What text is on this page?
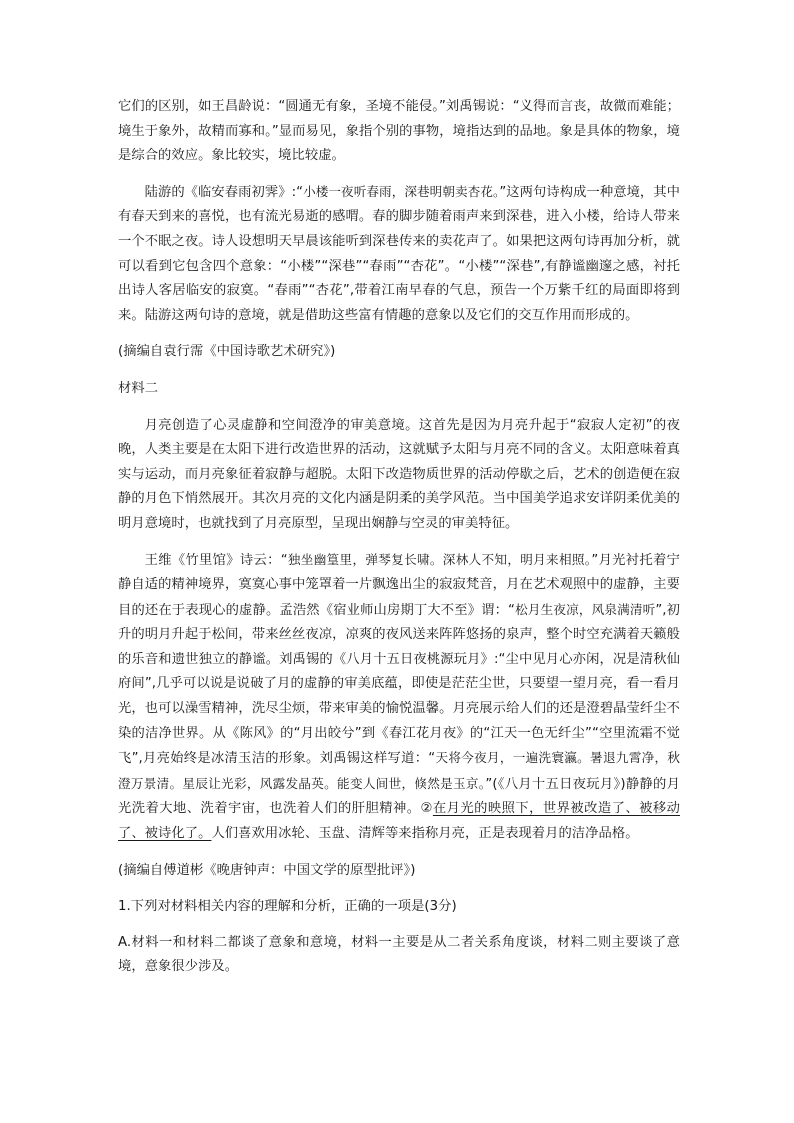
它们的区别，如王昌龄说：“圆通无有象，圣境不能侵。”刘禹锡说：“义得而言丧，故微而难能；境生于象外，故精而寡和。”显而易见，象指个别的事物，境指达到的品地。象是具体的物象，境是综合的效应。象比较实，境比较虚。

陆游的《临安春雨初霁》:“小楼一夜听春雨，深巷明朝卖杏花。”这两句诗构成一种意境，其中有春天到来的喜悦，也有流光易逝的感喟。春的脚步随着雨声来到深巷，进入小楼，给诗人带来一个不眠之夜。诗人设想明天早晨该能听到深巷传来的卖花声了。如果把这两句诗再加分析，就可以看到它包含四个意象：“小楼”“深巷”“春雨”“杏花”。“小楼”“深巷”,有静谧幽邃之感，衬托出诗人客居临安的寂寞。“春雨”“杏花”,带着江南早春的气息，预告一个万紫千红的局面即将到来。陆游这两句诗的意境，就是借助这些富有情趣的意象以及它们的交互作用而形成的。

(摘编自袁行霈《中国诗歌艺术研究》)

材料二

月亮创造了心灵虚静和空间澄净的审美意境。这首先是因为月亮升起于“寂寂人定初”的夜晚，人类主要是在太阳下进行改造世界的活动，这就赋予太阳与月亮不同的含义。太阳意味着真实与运动，而月亮象征着寂静与超脱。太阳下改造物质世界的活动停歇之后，艺术的创造便在寂静的月色下悄然展开。其次月亮的文化内涵是阴柔的美学风范。当中国美学追求安详阴柔优美的明月意境时，也就找到了月亮原型，呈现出娴静与空灵的审美特征。

王维《竹里馆》诗云：“独坐幽篁里，弹琴复长啸。深林人不知，明月来相照。”月光衬托着宁静自适的精神境界，寞寞心事中笼罩着一片飘逸出尘的寂寂梵音，月在艺术观照中的虚静，主要目的还在于表现心的虚静。孟浩然《宿业师山房期丁大不至》谓：“松月生夜凉，风泉满清听”,初升的明月升起于松间，带来丝丝夜凉，凉爽的夜风送来阵阵悠扬的泉声，整个时空充满着天籁般的乐音和遗世独立的静谧。刘禹锡的《八月十五日夜桃源玩月》:“尘中见月心亦闲，况是清秋仙府间”,几乎可以说是说破了月的虚静的审美底蕴，即使是茫茫尘世，只要望一望月亮，看一看月光，也可以澡雪精神，洗尽尘烦，带来审美的愉悦温馨。月亮展示给人们的还是澄碧晶莹纤尘不染的洁净世界。从《陈风》的“月出皎兮”到《春江花月夜》的“江天一色无纤尘”“空里流霜不觉飞”,月亮始终是冰清玉洁的形象。刘禹锡这样写道：“天将今夜月，一遍洗寰瀛。暑退九霄净，秋澄万景清。星辰让光彩，风露发晶英。能变人间世，倏然是玉京。”(《八月十五日夜玩月》)静静的月光洗着大地、洗着宇宙，也洗着人们的肝胆精神。②在月光的映照下，世界被改造了、被移动了、被诗化了。人们喜欢用冰轮、玉盘、清辉等来指称月亮，正是表现着月的洁净品格。

(摘编自傅道彬《晚唐钟声：中国文学的原型批评》)

1.下列对材料相关内容的理解和分析，正确的一项是(3分)

A.材料一和材料二都谈了意象和意境，材料一主要是从二者关系角度谈，材料二则主要谈了意境，意象很少涉及。
